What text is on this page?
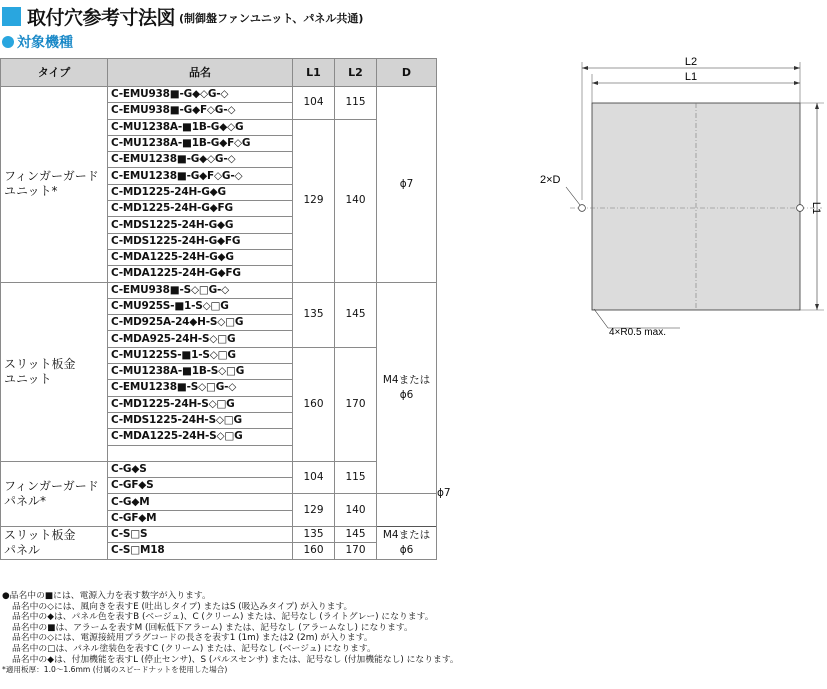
取付穴参考寸法図 (制御盤ファンユニット、パネル共通)
対象機種
タイプ	品名	L1	L2	D	
フィンガーガード
ユニット*	C-EMU938■-G◆◇G-◇	104	115	ϕ7	
	C-EMU938■-G◆F◇G-◇				
	C-MU1238A-■1B-G◆◇G	129	140		
	C-MU1238A-■1B-G◆F◇G				
	C-EMU1238■-G◆◇G-◇				
	C-EMU1238■-G◆F◇G-◇				
	C-MD1225-24H-G◆G				
	C-MD1225-24H-G◆FG				
	C-MDS1225-24H-G◆G				
	C-MDS1225-24H-G◆FG				
	C-MDA1225-24H-G◆G				
	C-MDA1225-24H-G◆FG				
スリット板金
ユニット	C-EMU938■-S◇□G-◇	135	145	M4または
ϕ6	
	C-MU925S-■1-S◇□G				
	C-MD925A-24◆H-S◇□G				
	C-MDA925-24H-S◇□G				
	C-MU1225S-■1-S◇□G	160	170		
	C-MU1238A-■1B-S◇□G				
	C-EMU1238■-S◇□G-◇				
	C-MD1225-24H-S◇□G				
	C-MDS1225-24H-S◇□G				
	C-MDA1225-24H-S◇□G				

フィンガーガード
パネル*	C-G◆S	104	115		ϕ7
	C-GF◆S				
	C-G◆M	129	140		
	C-GF◆M				
スリット板金
パネル	C-S□S	135	145	M4または
ϕ6	
	C-S□M18	160	170		
L2
L1
L1
2×D
4×R0.5 max.
●品名中の■には、電源入力を表す数字が入ります。
品名中の◇には、風向きを表すE (吐出しタイプ) またはS (吸込みタイプ) が入ります。
品名中の◆は、パネル色を表すB (ベージュ)、C (クリーム) または、記号なし (ライトグレー) になります。
品名中の■は、アラームを表すM (回転低下アラーム) または、記号なし (アラームなし) になります。
品名中の◇には、電源接続用プラグコードの長さを表す1 (1m) または2 (2m) が入ります。
品名中の□は、パネル塗装色を表すC (クリーム) または、記号なし (ベージュ) になります。
品名中の◆は、付加機能を表すL (停止センサ)、S (パルスセンサ) または、記号なし (付加機能なし) になります。
*適用板厚：1.0〜1.6mm (付属のスピードナットを使用した場合)
